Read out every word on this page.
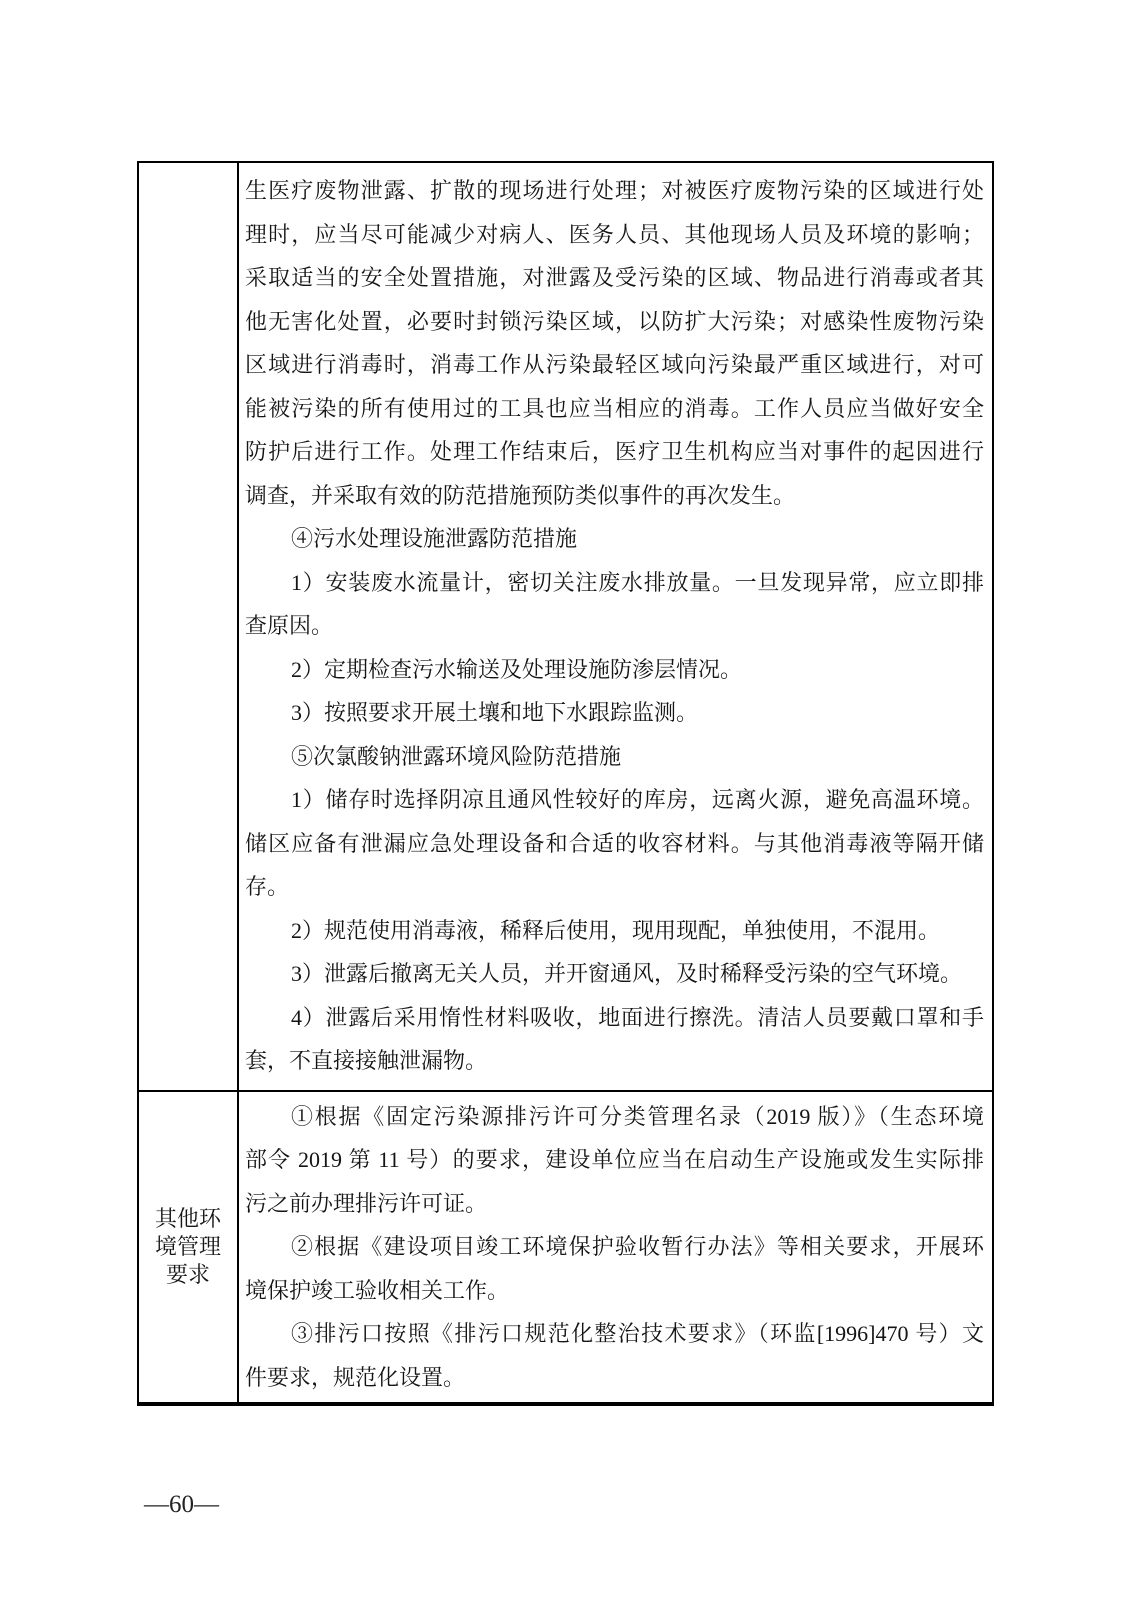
生医疗废物泄露、扩散的现场进行处理；对被医疗废物污染的区域进行处
理时，应当尽可能减少对病人、医务人员、其他现场人员及环境的影响；
采取适当的安全处置措施，对泄露及受污染的区域、物品进行消毒或者其
他无害化处置，必要时封锁污染区域，以防扩大污染；对感染性废物污染
区域进行消毒时，消毒工作从污染最轻区域向污染最严重区域进行，对可
能被污染的所有使用过的工具也应当相应的消毒。工作人员应当做好安全
防护后进行工作。处理工作结束后，医疗卫生机构应当对事件的起因进行
调查，并采取有效的防范措施预防类似事件的再次发生。
④污水处理设施泄露防范措施
1）安装废水流量计，密切关注废水排放量。一旦发现异常，应立即排
查原因。
2）定期检查污水输送及处理设施防渗层情况。
3）按照要求开展土壤和地下水跟踪监测。
⑤次氯酸钠泄露环境风险防范措施
1）储存时选择阴凉且通风性较好的库房，远离火源，避免高温环境。
储区应备有泄漏应急处理设备和合适的收容材料。与其他消毒液等隔开储
存。
2）规范使用消毒液，稀释后使用，现用现配，单独使用，不混用。
3）泄露后撤离无关人员，并开窗通风，及时稀释受污染的空气环境。
4）泄露后采用惰性材料吸收，地面进行擦洗。清洁人员要戴口罩和手
套，不直接接触泄漏物。
其他环
境管理
要求
①根据《固定污染源排污许可分类管理名录（2019 版）》（生态环境
部令 2019 第 11 号）的要求，建设单位应当在启动生产设施或发生实际排
污之前办理排污许可证。
②根据《建设项目竣工环境保护验收暂行办法》等相关要求，开展环
境保护竣工验收相关工作。
③排污口按照《排污口规范化整治技术要求》（环监[1996]470 号）文
件要求，规范化设置。
—60—
